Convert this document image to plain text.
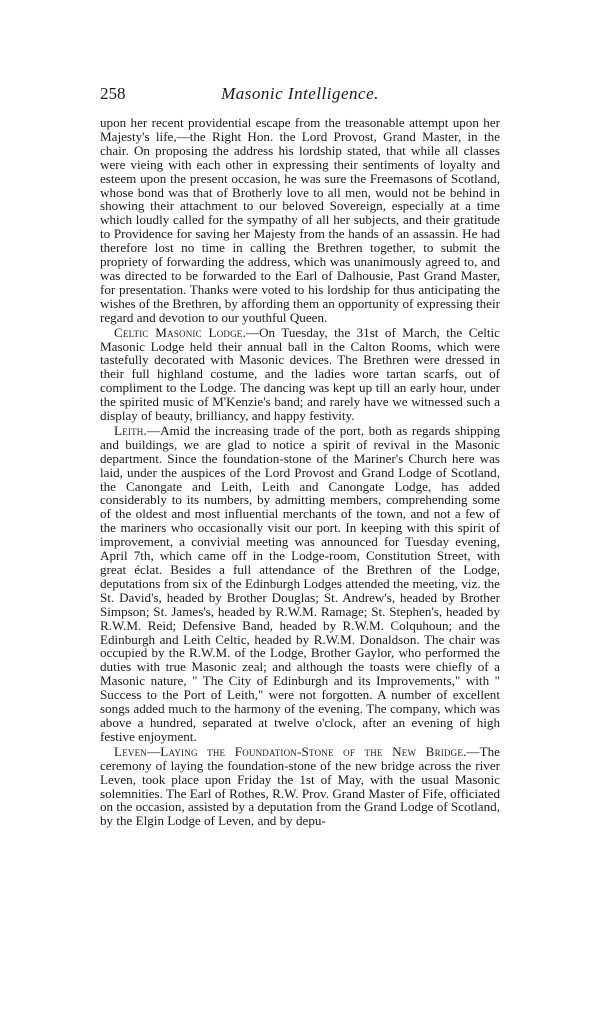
258	Masonic Intelligence.

upon her recent providential escape from the treasonable attempt upon her Majesty's life,—the Right Hon. the Lord Provost, Grand Master, in the chair. On proposing the address his lordship stated, that while all classes were vieing with each other in expressing their sentiments of loyalty and esteem upon the present occasion, he was sure the Freemasons of Scotland, whose bond was that of Brotherly love to all men, would not be behind in showing their attachment to our beloved Sovereign, especially at a time which loudly called for the sympathy of all her subjects, and their gratitude to Providence for saving her Majesty from the hands of an assassin. He had therefore lost no time in calling the Brethren together, to submit the propriety of forwarding the address, which was unanimously agreed to, and was directed to be forwarded to the Earl of Dalhousie, Past Grand Master, for presentation. Thanks were voted to his lordship for thus anticipating the wishes of the Brethren, by affording them an opportunity of expressing their regard and devotion to our youthful Queen.

Celtic Masonic Lodge.—On Tuesday, the 31st of March, the Celtic Masonic Lodge held their annual ball in the Calton Rooms, which were tastefully decorated with Masonic devices. The Brethren were dressed in their full highland costume, and the ladies wore tartan scarfs, out of compliment to the Lodge. The dancing was kept up till an early hour, under the spirited music of M'Kenzie's band; and rarely have we witnessed such a display of beauty, brilliancy, and happy festivity.

Leith.—Amid the increasing trade of the port, both as regards shipping and buildings, we are glad to notice a spirit of revival in the Masonic department. Since the foundation-stone of the Mariner's Church here was laid, under the auspices of the Lord Provost and Grand Lodge of Scotland, the Canongate and Leith, Leith and Canongate Lodge, has added considerably to its numbers, by admitting members, comprehending some of the oldest and most influential merchants of the town, and not a few of the mariners who occasionally visit our port. In keeping with this spirit of improvement, a convivial meeting was announced for Tuesday evening, April 7th, which came off in the Lodge-room, Constitution Street, with great éclat. Besides a full attendance of the Brethren of the Lodge, deputations from six of the Edinburgh Lodges attended the meeting, viz. the St. David's, headed by Brother Douglas; St. Andrew's, headed by Brother Simpson; St. James's, headed by R.W.M. Ramage; St. Stephen's, headed by R.W.M. Reid; Defensive Band, headed by R.W.M. Colquhoun; and the Edinburgh and Leith Celtic, headed by R.W.M. Donaldson. The chair was occupied by the R.W.M. of the Lodge, Brother Gaylor, who performed the duties with true Masonic zeal; and although the toasts were chiefly of a Masonic nature, " The City of Edinburgh and its Improvements," with " Success to the Port of Leith," were not forgotten. A number of excellent songs added much to the harmony of the evening. The company, which was above a hundred, separated at twelve o'clock, after an evening of high festive enjoyment.

Leven—Laying the Foundation-Stone of the New Bridge.—The ceremony of laying the foundation-stone of the new bridge across the river Leven, took place upon Friday the 1st of May, with the usual Masonic solemnities. The Earl of Rothes, R.W. Prov. Grand Master of Fife, officiated on the occasion, assisted by a deputation from the Grand Lodge of Scotland, by the Elgin Lodge of Leven, and by depu-
